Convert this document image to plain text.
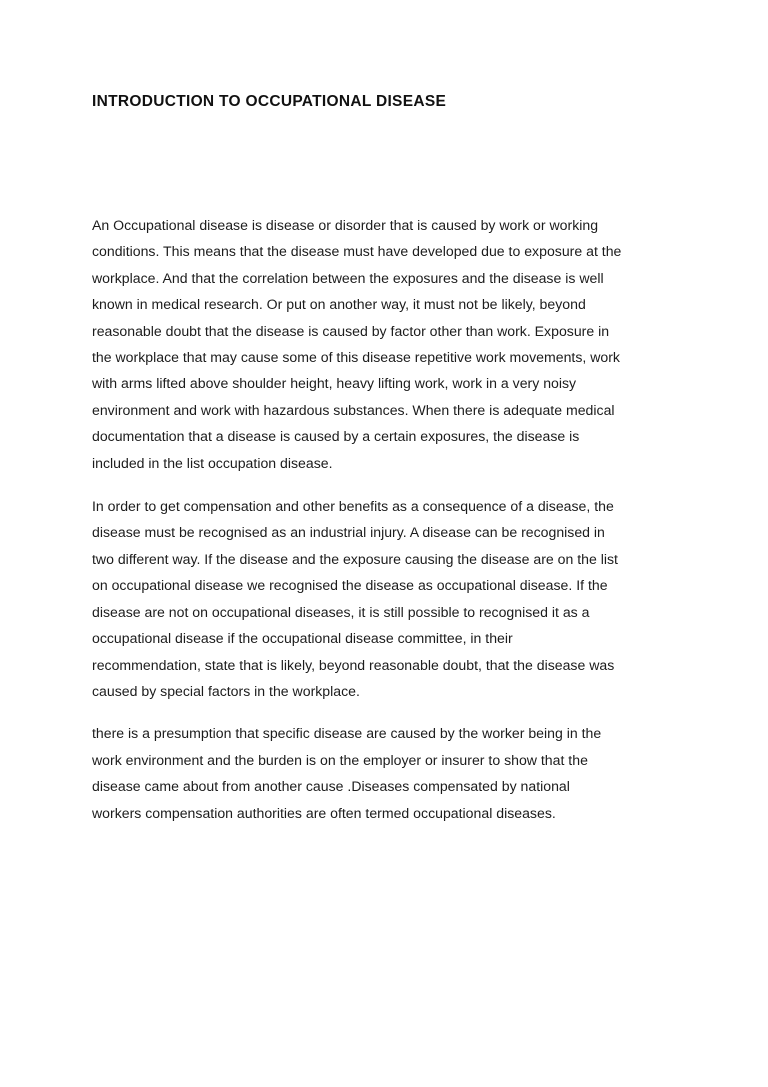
INTRODUCTION TO OCCUPATIONAL DISEASE

An Occupational disease is disease or disorder that is caused by work or working
conditions. This means that the disease must have developed due to exposure at the
workplace. And that the correlation between the exposures and the disease is well
known in medical research. Or put on another way, it must not be likely, beyond
reasonable doubt that the disease is caused by factor other than work. Exposure in
the workplace that may cause some of this disease repetitive work movements, work
with arms lifted above shoulder height, heavy lifting work, work in a very noisy
environment and work with hazardous substances. When there is adequate medical
documentation that a disease is caused by a certain exposures, the disease is
included in the list occupation disease.

In order to get compensation and other benefits as a consequence of a disease, the
disease must be recognised as an industrial injury. A disease can be recognised in
two different way. If the disease and the exposure causing the disease are on the list
on occupational disease we recognised the disease as occupational disease. If the
disease are not on occupational diseases, it is still possible to recognised it as a
occupational disease if the occupational disease committee, in their
recommendation, state that is likely, beyond reasonable doubt, that the disease was
caused by special factors in the workplace.

there is a presumption that specific disease are caused by the worker being in the
work environment and the burden is on the employer or insurer to show that the
disease came about from another cause .Diseases compensated by national
workers compensation authorities are often termed occupational diseases.
